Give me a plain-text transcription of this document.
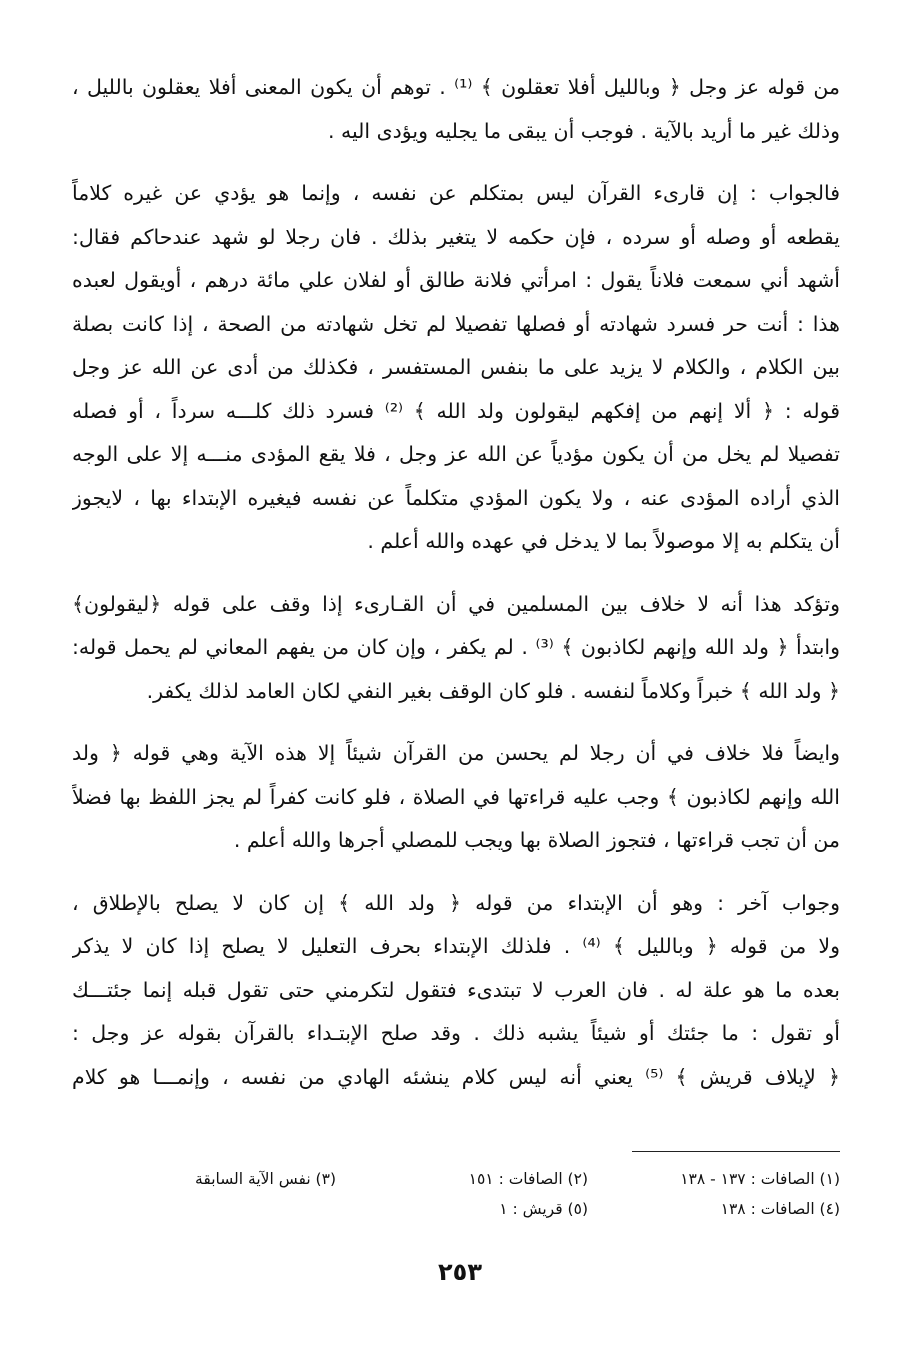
من قوله عز وجل ﴿ وبالليل أفلا تعقلون ﴾ ⁽¹⁾ . توهم أن يكون المعنى أفلا يعقلون بالليل ،
وذلك غير ما أريد بالآية . فوجب أن يبقى ما يجليه ويؤدى اليه .
فالجواب : إن قارىء القرآن ليس بمتكلم عن نفسه ، وإنما هو يؤدي عن غيره كلاماً
يقطعه أو وصله أو سرده ، فإن حكمه لا يتغير بذلك . فان رجلا لو شهد عندحاكم فقال:
أشهد أني سمعت فلاناً يقول : امرأتي فلانة طالق أو لفلان علي مائة درهم ، أويقول لعبده
هذا : أنت حر فسرد شهادته أو فصلها تفصيلا لم تخل شهادته من الصحة ، إذا كانت بصلة
بين الكلام ، والكلام لا يزيد على ما بنفس المستفسر ، فكذلك من أدى عن الله عز وجل
قوله : ﴿ ألا إنهم من إفكهم ليقولون ولد الله ﴾ ⁽²⁾ فسرد ذلك كلـــه سرداً ، أو فصله
تفصيلا لم يخل من أن يكون مؤدياً عن الله عز وجل ، فلا يقع المؤدى منـــه إلا على الوجه
الذي أراده المؤدى عنه ، ولا يكون المؤدي متكلماً عن نفسه فيغيره الإبتداء بها ، لايجوز
أن يتكلم به إلا موصولاً بما لا يدخل في عهده والله أعلم .
وتؤكد هذا أنه لا خلاف بين المسلمين في أن القـارىء إذا وقف على قوله ﴿ليقولون﴾
وابتدأ ﴿ ولد الله وإنهم لكاذبون ﴾ ⁽³⁾ . لم يكفر ، وإن كان من يفهم المعاني لم يحمل قوله:
﴿ ولد الله ﴾ خبراً وكلاماً لنفسه . فلو كان الوقف بغير النفي لكان العامد لذلك يكفر.
وايضاً فلا خلاف في أن رجلا لم يحسن من القرآن شيئاً إلا هذه الآية وهي قوله ﴿ ولد
الله وإنهم لكاذبون ﴾ وجب عليه قراءتها في الصلاة ، فلو كانت كفراً لم يجز اللفظ بها فضلاً
من أن تجب قراءتها ، فتجوز الصلاة بها ويجب للمصلي أجرها والله أعلم .
وجواب آخر : وهو أن الإبتداء من قوله ﴿ ولد الله ﴾ إن كان لا يصلح بالإطلاق ،
ولا من قوله ﴿ وبالليل ﴾ ⁽⁴⁾ . فلذلك الإبتداء بحرف التعليل لا يصلح إذا كان لا يذكر
بعده ما هو علة له . فان العرب لا تبتدىء فتقول لتكرمني حتى تقول قبله إنما جئتـــك
أو تقول : ما جئتك أو شيئاً يشبه ذلك . وقد صلح الإبتـداء بالقرآن بقوله عز وجل :
﴿ لإيلاف قريش ﴾ ⁽⁵⁾ يعني أنه ليس كلام ينشئه الهادي من نفسه ، وإنمـــا هو كلام
(١) الصافات : ١٣٧ - ١٣٨
(٢) الصافات : ١٥١
(٣) نفس الآية السابقة
(٤) الصافات : ١٣٨
(٥) قريش : ١
٢٥٣
